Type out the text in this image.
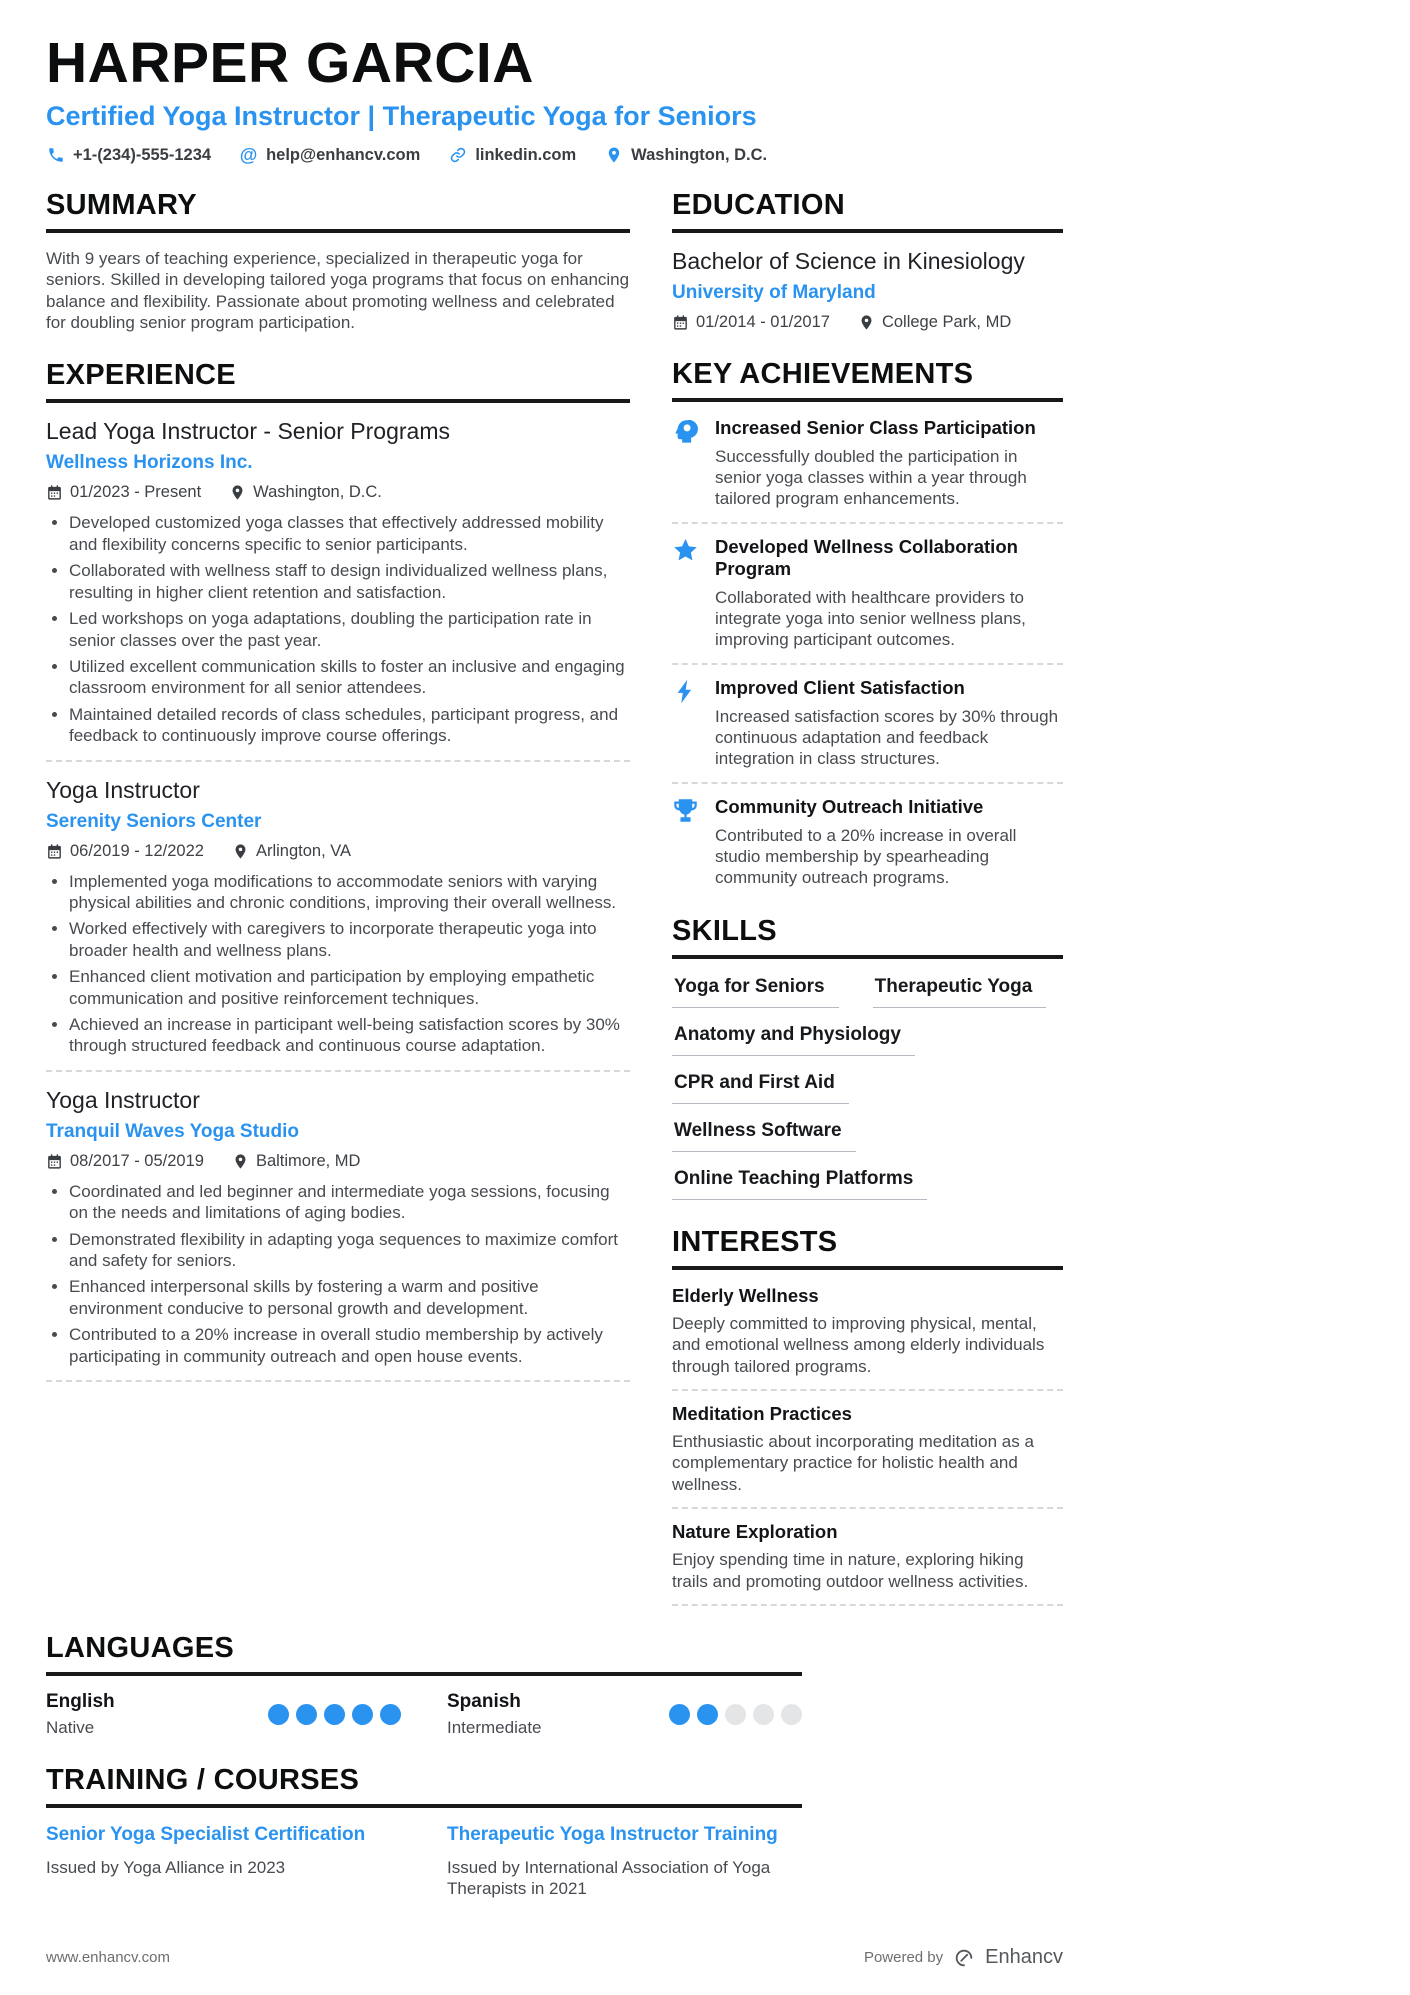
HARPER GARCIA
Certified Yoga Instructor | Therapeutic Yoga for Seniors
+1-(234)-555-1234 @ help@enhancv.com	linkedin.com	Washington, D.C.
SUMMARY

With 9 years of teaching experience, specialized in therapeutic yoga for seniors. Skilled in developing tailored yoga programs that focus on enhancing balance and flexibility. Passionate about promoting wellness and celebrated for doubling senior program participation.

EXPERIENCE
Lead Yoga Instructor - Senior Programs
Wellness Horizons Inc.
01/2023 - Present	Washington, D.C.
• Developed customized yoga classes that effectively addressed mobility and flexibility concerns specific to senior participants.
• Collaborated with wellness staff to design individualized wellness plans, resulting in higher client retention and satisfaction.
• Led workshops on yoga adaptations, doubling the participation rate in senior classes over the past year.
• Utilized excellent communication skills to foster an inclusive and engaging classroom environment for all senior attendees.
• Maintained detailed records of class schedules, participant progress, and feedback to continuously improve course offerings.
Yoga Instructor
Serenity Seniors Center
06/2019 - 12/2022	Arlington, VA
• Implemented yoga modifications to accommodate seniors with varying physical abilities and chronic conditions, improving their overall wellness.
• Worked effectively with caregivers to incorporate therapeutic yoga into broader health and wellness plans.
• Enhanced client motivation and participation by employing empathetic communication and positive reinforcement techniques.
• Achieved an increase in participant well-being satisfaction scores by 30% through structured feedback and continuous course adaptation.
Yoga Instructor
Tranquil Waves Yoga Studio
08/2017 - 05/2019	Baltimore, MD
• Coordinated and led beginner and intermediate yoga sessions, focusing on the needs and limitations of aging bodies.
• Demonstrated flexibility in adapting yoga sequences to maximize comfort and safety for seniors.
• Enhanced interpersonal skills by fostering a warm and positive environment conducive to personal growth and development.
• Contributed to a 20% increase in overall studio membership by actively participating in community outreach and open house events.
EDUCATION
Bachelor of Science in Kinesiology
University of Maryland
01/2014 - 01/2017	College Park, MD
KEY ACHIEVEMENTS
Increased Senior Class Participation
Successfully doubled the participation in senior yoga classes within a year through tailored program enhancements.
Developed Wellness Collaboration Program
Collaborated with healthcare providers to integrate yoga into senior wellness plans, improving participant outcomes.
Improved Client Satisfaction
Increased satisfaction scores by 30% through continuous adaptation and feedback integration in class structures.
Community Outreach Initiative
Contributed to a 20% increase in overall studio membership by spearheading community outreach programs.
SKILLS
Yoga for Seniors	Therapeutic Yoga
Anatomy and Physiology
CPR and First Aid
Wellness Software
Online Teaching Platforms
INTERESTS
Elderly Wellness
Deeply committed to improving physical, mental, and emotional wellness among elderly individuals through tailored programs.
Meditation Practices
Enthusiastic about incorporating meditation as a complementary practice for holistic health and wellness.
Nature Exploration
Enjoy spending time in nature, exploring hiking trails and promoting outdoor wellness activities.
LANGUAGES
English
Native
Spanish
Intermediate
TRAINING / COURSES
Senior Yoga Specialist Certification
Issued by Yoga Alliance in 2023
Therapeutic Yoga Instructor Training
Issued by International Association of Yoga Therapists in 2021
www.enhancv.com	Powered by Enhancv
